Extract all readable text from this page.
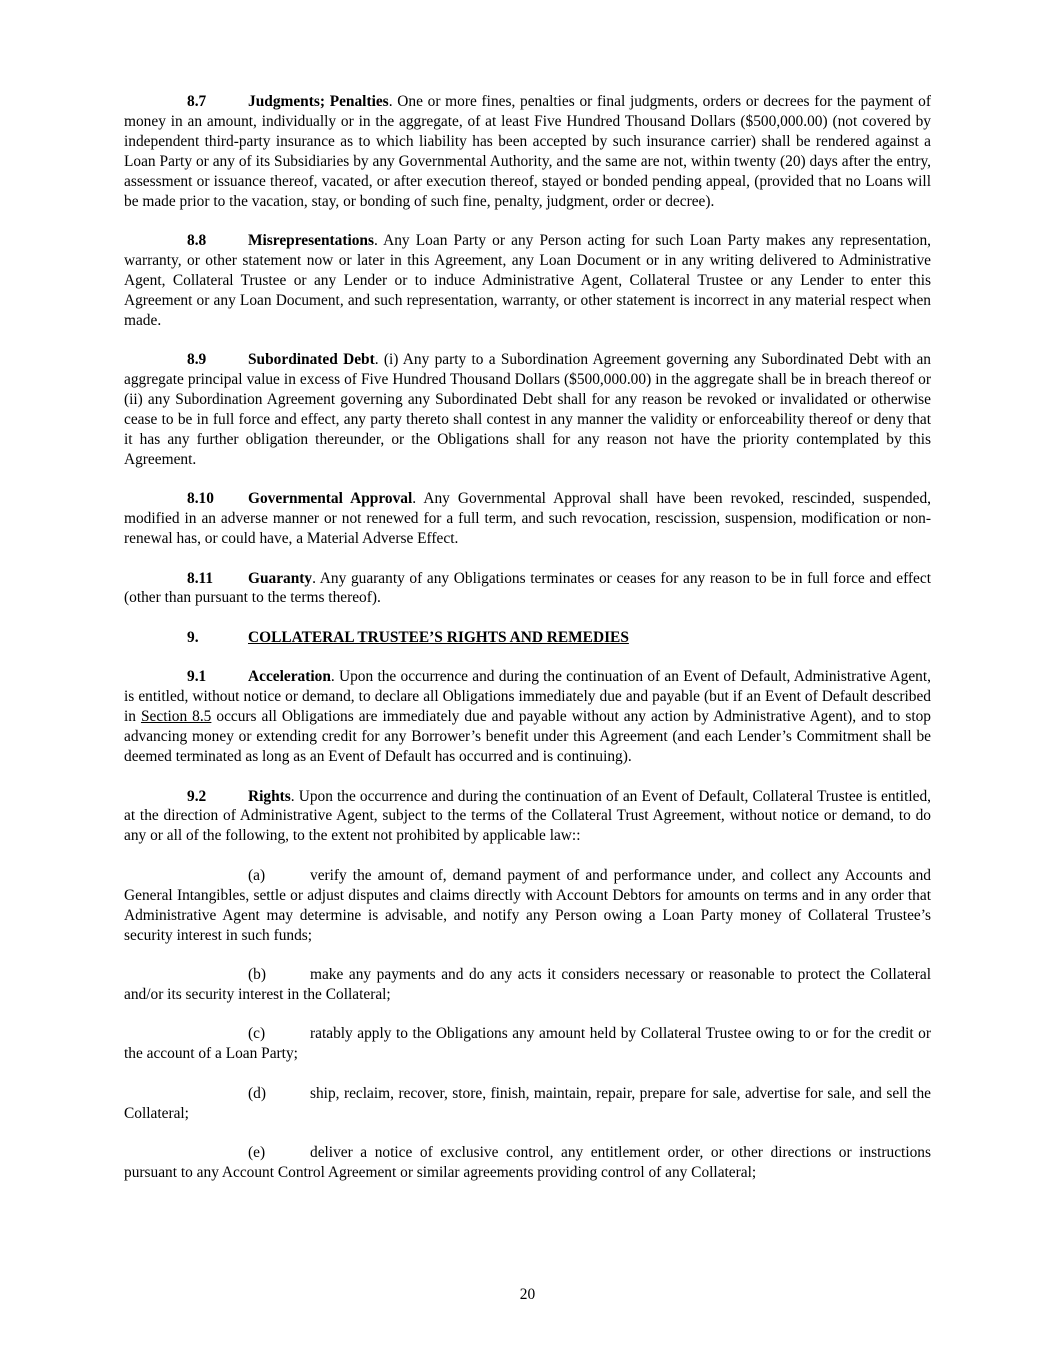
8.7	Judgments; Penalties. One or more fines, penalties or final judgments, orders or decrees for the payment of money in an amount, individually or in the aggregate, of at least Five Hundred Thousand Dollars ($500,000.00) (not covered by independent third-party insurance as to which liability has been accepted by such insurance carrier) shall be rendered against a Loan Party or any of its Subsidiaries by any Governmental Authority, and the same are not, within twenty (20) days after the entry, assessment or issuance thereof, vacated, or after execution thereof, stayed or bonded pending appeal, (provided that no Loans will be made prior to the vacation, stay, or bonding of such fine, penalty, judgment, order or decree).

8.8	Misrepresentations. Any Loan Party or any Person acting for such Loan Party makes any representation, warranty, or other statement now or later in this Agreement, any Loan Document or in any writing delivered to Administrative Agent, Collateral Trustee or any Lender or to induce Administrative Agent, Collateral Trustee or any Lender to enter this Agreement or any Loan Document, and such representation, warranty, or other statement is incorrect in any material respect when made.

8.9	Subordinated Debt. (i) Any party to a Subordination Agreement governing any Subordinated Debt with an aggregate principal value in excess of Five Hundred Thousand Dollars ($500,000.00) in the aggregate shall be in breach thereof or (ii) any Subordination Agreement governing any Subordinated Debt shall for any reason be revoked or invalidated or otherwise cease to be in full force and effect, any party thereto shall contest in any manner the validity or enforceability thereof or deny that it has any further obligation thereunder, or the Obligations shall for any reason not have the priority contemplated by this Agreement.

8.10 Governmental Approval. Any Governmental Approval shall have been revoked, rescinded, suspended, modified in an adverse manner or not renewed for a full term, and such revocation, rescission, suspension, modification or non-renewal has, or could have, a Material Adverse Effect.

8.11 Guaranty. Any guaranty of any Obligations terminates or ceases for any reason to be in full force and effect (other than pursuant to the terms thereof).

9.	COLLATERAL TRUSTEE’S RIGHTS AND REMEDIES

9.1	Acceleration. Upon the occurrence and during the continuation of an Event of Default, Administrative Agent, is entitled, without notice or demand, to declare all Obligations immediately due and payable (but if an Event of Default described in Section 8.5 occurs all Obligations are immediately due and payable without any action by Administrative Agent), and to stop advancing money or extending credit for any Borrower’s benefit under this Agreement (and each Lender’s Commitment shall be deemed terminated as long as an Event of Default has occurred and is continuing).

9.2	Rights. Upon the occurrence and during the continuation of an Event of Default, Collateral Trustee is entitled, at the direction of Administrative Agent, subject to the terms of the Collateral Trust Agreement, without notice or demand, to do any or all of the following, to the extent not prohibited by applicable law::

(a)	verify the amount of, demand payment of and performance under, and collect any Accounts and General Intangibles, settle or adjust disputes and claims directly with Account Debtors for amounts on terms and in any order that Administrative Agent may determine is advisable, and notify any Person owing a Loan Party money of Collateral Trustee’s security interest in such funds;

(b)	make any payments and do any acts it considers necessary or reasonable to protect the Collateral and/or its security interest in the Collateral;

(c)	ratably apply to the Obligations any amount held by Collateral Trustee owing to or for the credit or the account of a Loan Party;

(d)	ship, reclaim, recover, store, finish, maintain, repair, prepare for sale, advertise for sale, and sell the Collateral;

(e)	deliver a notice of exclusive control, any entitlement order, or other directions or instructions pursuant to any Account Control Agreement or similar agreements providing control of any Collateral;

20
